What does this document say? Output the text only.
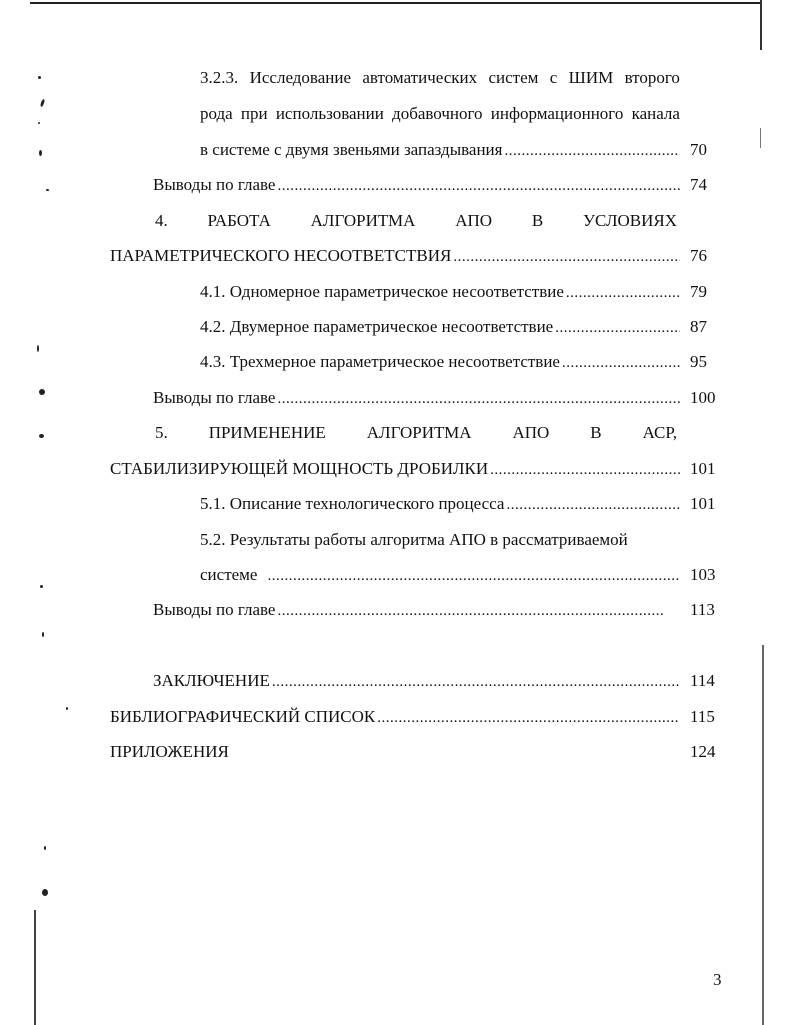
3.2.3. Исследование автоматических систем с ШИМ второго
рода при использовании добавочного информационного канала
в системе с двумя звеньями запаздывания .....	70
Выводы по главе .....	74
4. РАБОТА АЛГОРИТМА АПО В УСЛОВИЯХ
ПАРАМЕТРИЧЕСКОГО НЕСООТВЕТСТВИЯ .....	76
4.1. Одномерное параметрическое несоответствие .....	79
4.2. Двумерное параметрическое несоответствие .....	87
4.3. Трехмерное параметрическое несоответствие .....	95
Выводы по главе .....	100
5. ПРИМЕНЕНИЕ АЛГОРИТМА АПО В АСР,
СТАБИЛИЗИРУЮЩЕЙ МОЩНОСТЬ ДРОБИЛКИ .....	101
5.1. Описание технологического процесса .....	101
5.2. Результаты работы алгоритма АПО в рассматриваемой
системе .....	103
Выводы по главе .....	113
ЗАКЛЮЧЕНИЕ .....	114
БИБЛИОГРАФИЧЕСКИЙ СПИСОК .....	115
ПРИЛОЖЕНИЯ	124
3
